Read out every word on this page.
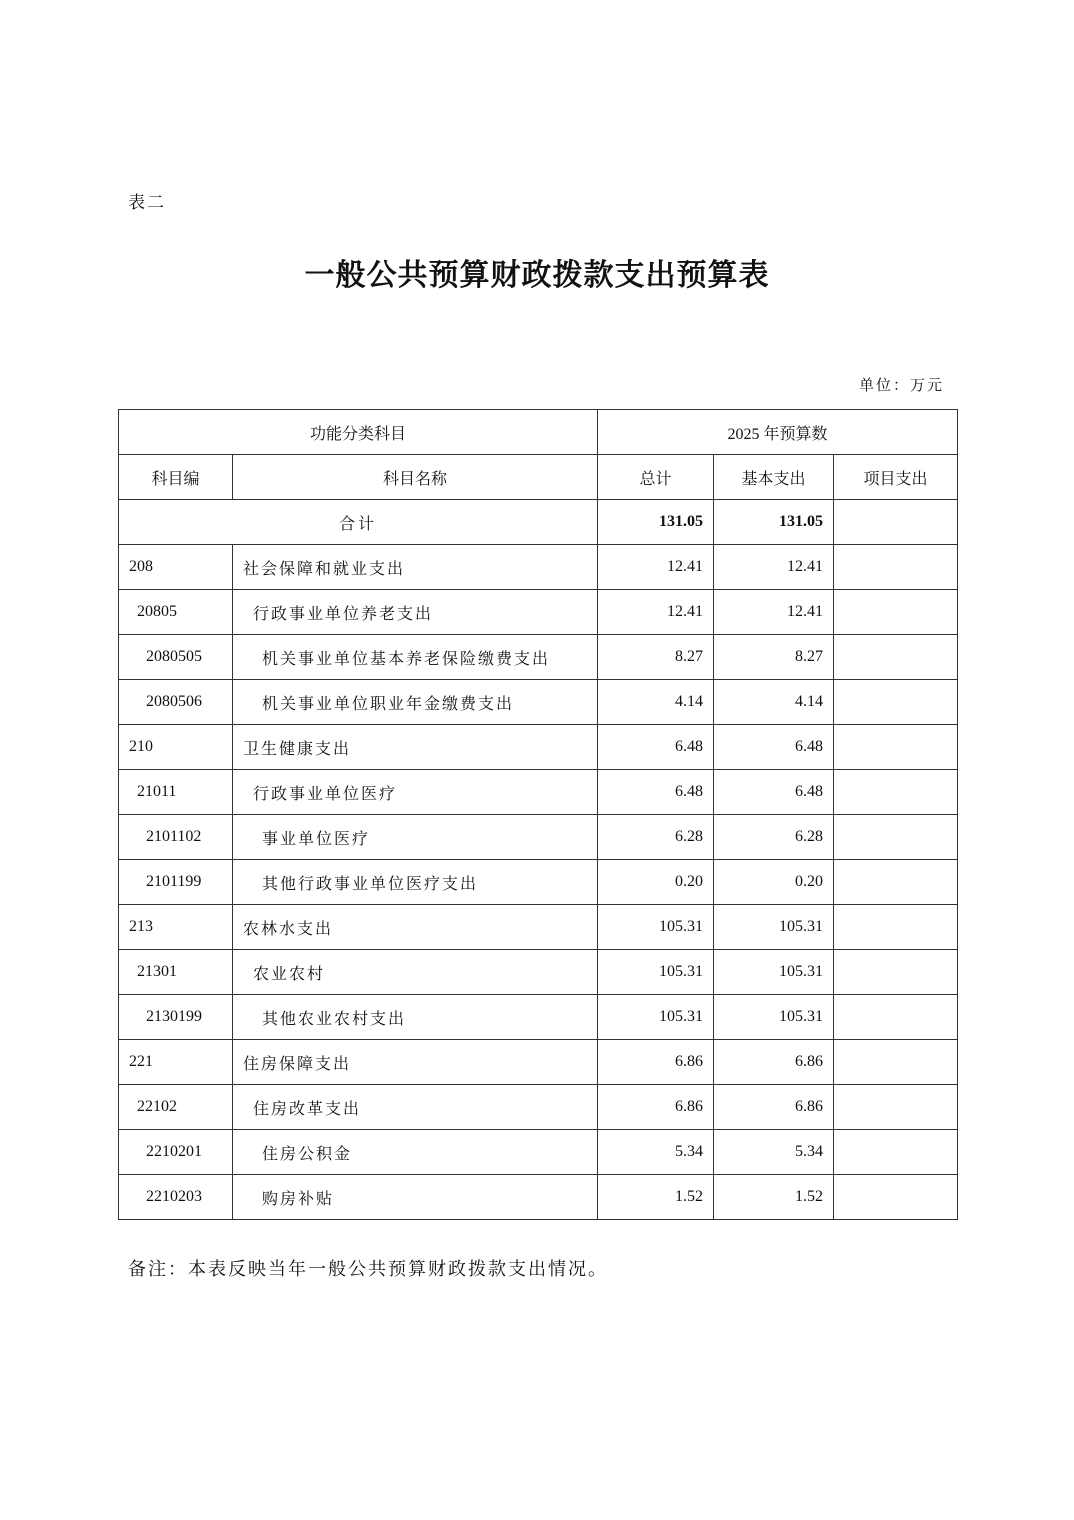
表二
一般公共预算财政拨款支出预算表
单位：万元
功能分类科目		2025 年预算数		
科目编	科目名称	总计	基本支出	项目支出
合计		131.05	131.05	
208	社会保障和就业支出	12.41	12.41	
20805	行政事业单位养老支出	12.41	12.41	
2080505	机关事业单位基本养老保险缴费支出	8.27	8.27	
2080506	机关事业单位职业年金缴费支出	4.14	4.14	
210	卫生健康支出	6.48	6.48	
21011	行政事业单位医疗	6.48	6.48	
2101102	事业单位医疗	6.28	6.28	
2101199	其他行政事业单位医疗支出	0.20	0.20	
213	农林水支出	105.31	105.31	
21301	农业农村	105.31	105.31	
2130199	其他农业农村支出	105.31	105.31	
221	住房保障支出	6.86	6.86	
22102	住房改革支出	6.86	6.86	
2210201	住房公积金	5.34	5.34	
2210203	购房补贴	1.52	1.52	
备注：本表反映当年一般公共预算财政拨款支出情况。
